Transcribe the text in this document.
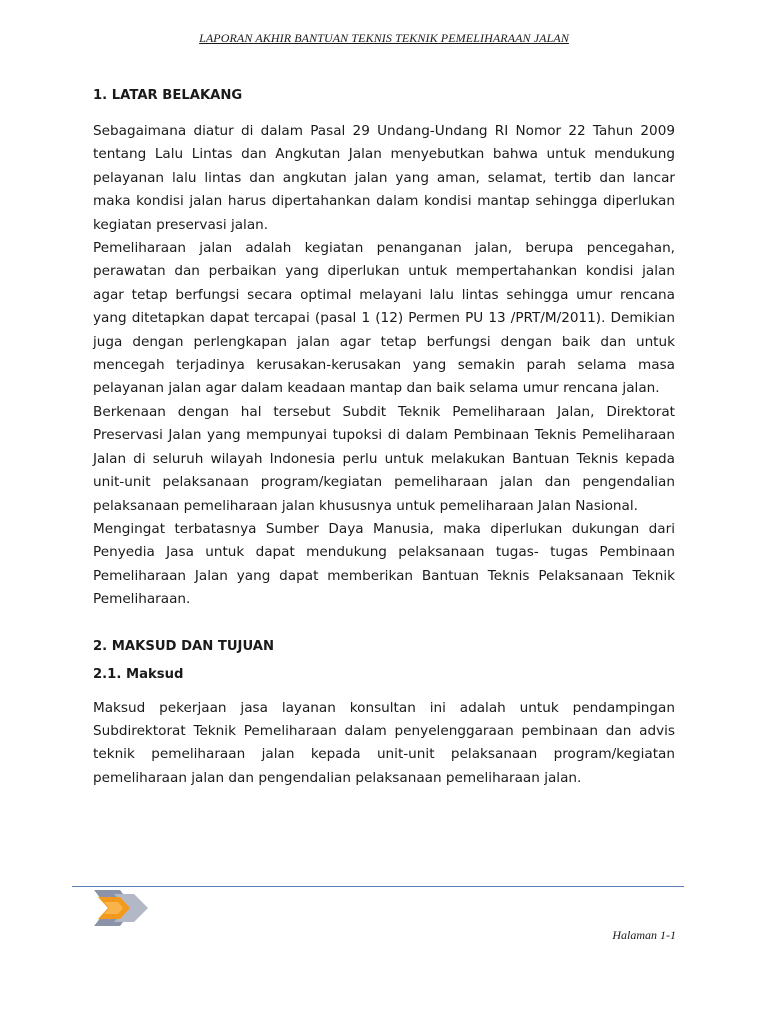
LAPORAN AKHIR BANTUAN TEKNIS TEKNIK PEMELIHARAAN JALAN
1. LATAR BELAKANG

Sebagaimana diatur di dalam Pasal 29 Undang-Undang RI Nomor 22 Tahun 2009 tentang Lalu Lintas dan Angkutan Jalan menyebutkan bahwa untuk mendukung pelayanan lalu lintas dan angkutan jalan yang aman, selamat, tertib dan lancar maka kondisi jalan harus dipertahankan dalam kondisi mantap sehingga diperlukan kegiatan preservasi jalan.

Pemeliharaan jalan adalah kegiatan penanganan jalan, berupa pencegahan, perawatan dan perbaikan yang diperlukan untuk mempertahankan kondisi jalan agar tetap berfungsi secara optimal melayani lalu lintas sehingga umur rencana yang ditetapkan dapat tercapai (pasal 1 (12) Permen PU 13 /PRT/M/2011). Demikian juga dengan perlengkapan jalan agar tetap berfungsi dengan baik dan untuk mencegah terjadinya kerusakan-kerusakan yang semakin parah selama masa pelayanan jalan agar dalam keadaan mantap dan baik selama umur rencana jalan.

Berkenaan dengan hal tersebut Subdit Teknik Pemeliharaan Jalan, Direktorat Preservasi Jalan yang mempunyai tupoksi di dalam Pembinaan Teknis Pemeliharaan Jalan di seluruh wilayah Indonesia perlu untuk melakukan Bantuan Teknis kepada unit-unit pelaksanaan program/kegiatan pemeliharaan jalan dan pengendalian pelaksanaan pemeliharaan jalan khususnya untuk pemeliharaan Jalan Nasional.

Mengingat terbatasnya Sumber Daya Manusia, maka diperlukan dukungan dari Penyedia Jasa untuk dapat mendukung pelaksanaan tugas- tugas Pembinaan Pemeliharaan Jalan yang dapat memberikan Bantuan Teknis Pelaksanaan Teknik Pemeliharaan.

2. MAKSUD DAN TUJUAN
2.1. Maksud

Maksud pekerjaan jasa layanan konsultan ini adalah untuk pendampingan Subdirektorat Teknik Pemeliharaan dalam penyelenggaraan pembinaan dan advis teknik pemeliharaan jalan kepada unit-unit pelaksanaan program/kegiatan pemeliharaan jalan dan pengendalian pelaksanaan pemeliharaan jalan.

Halaman 1-1
